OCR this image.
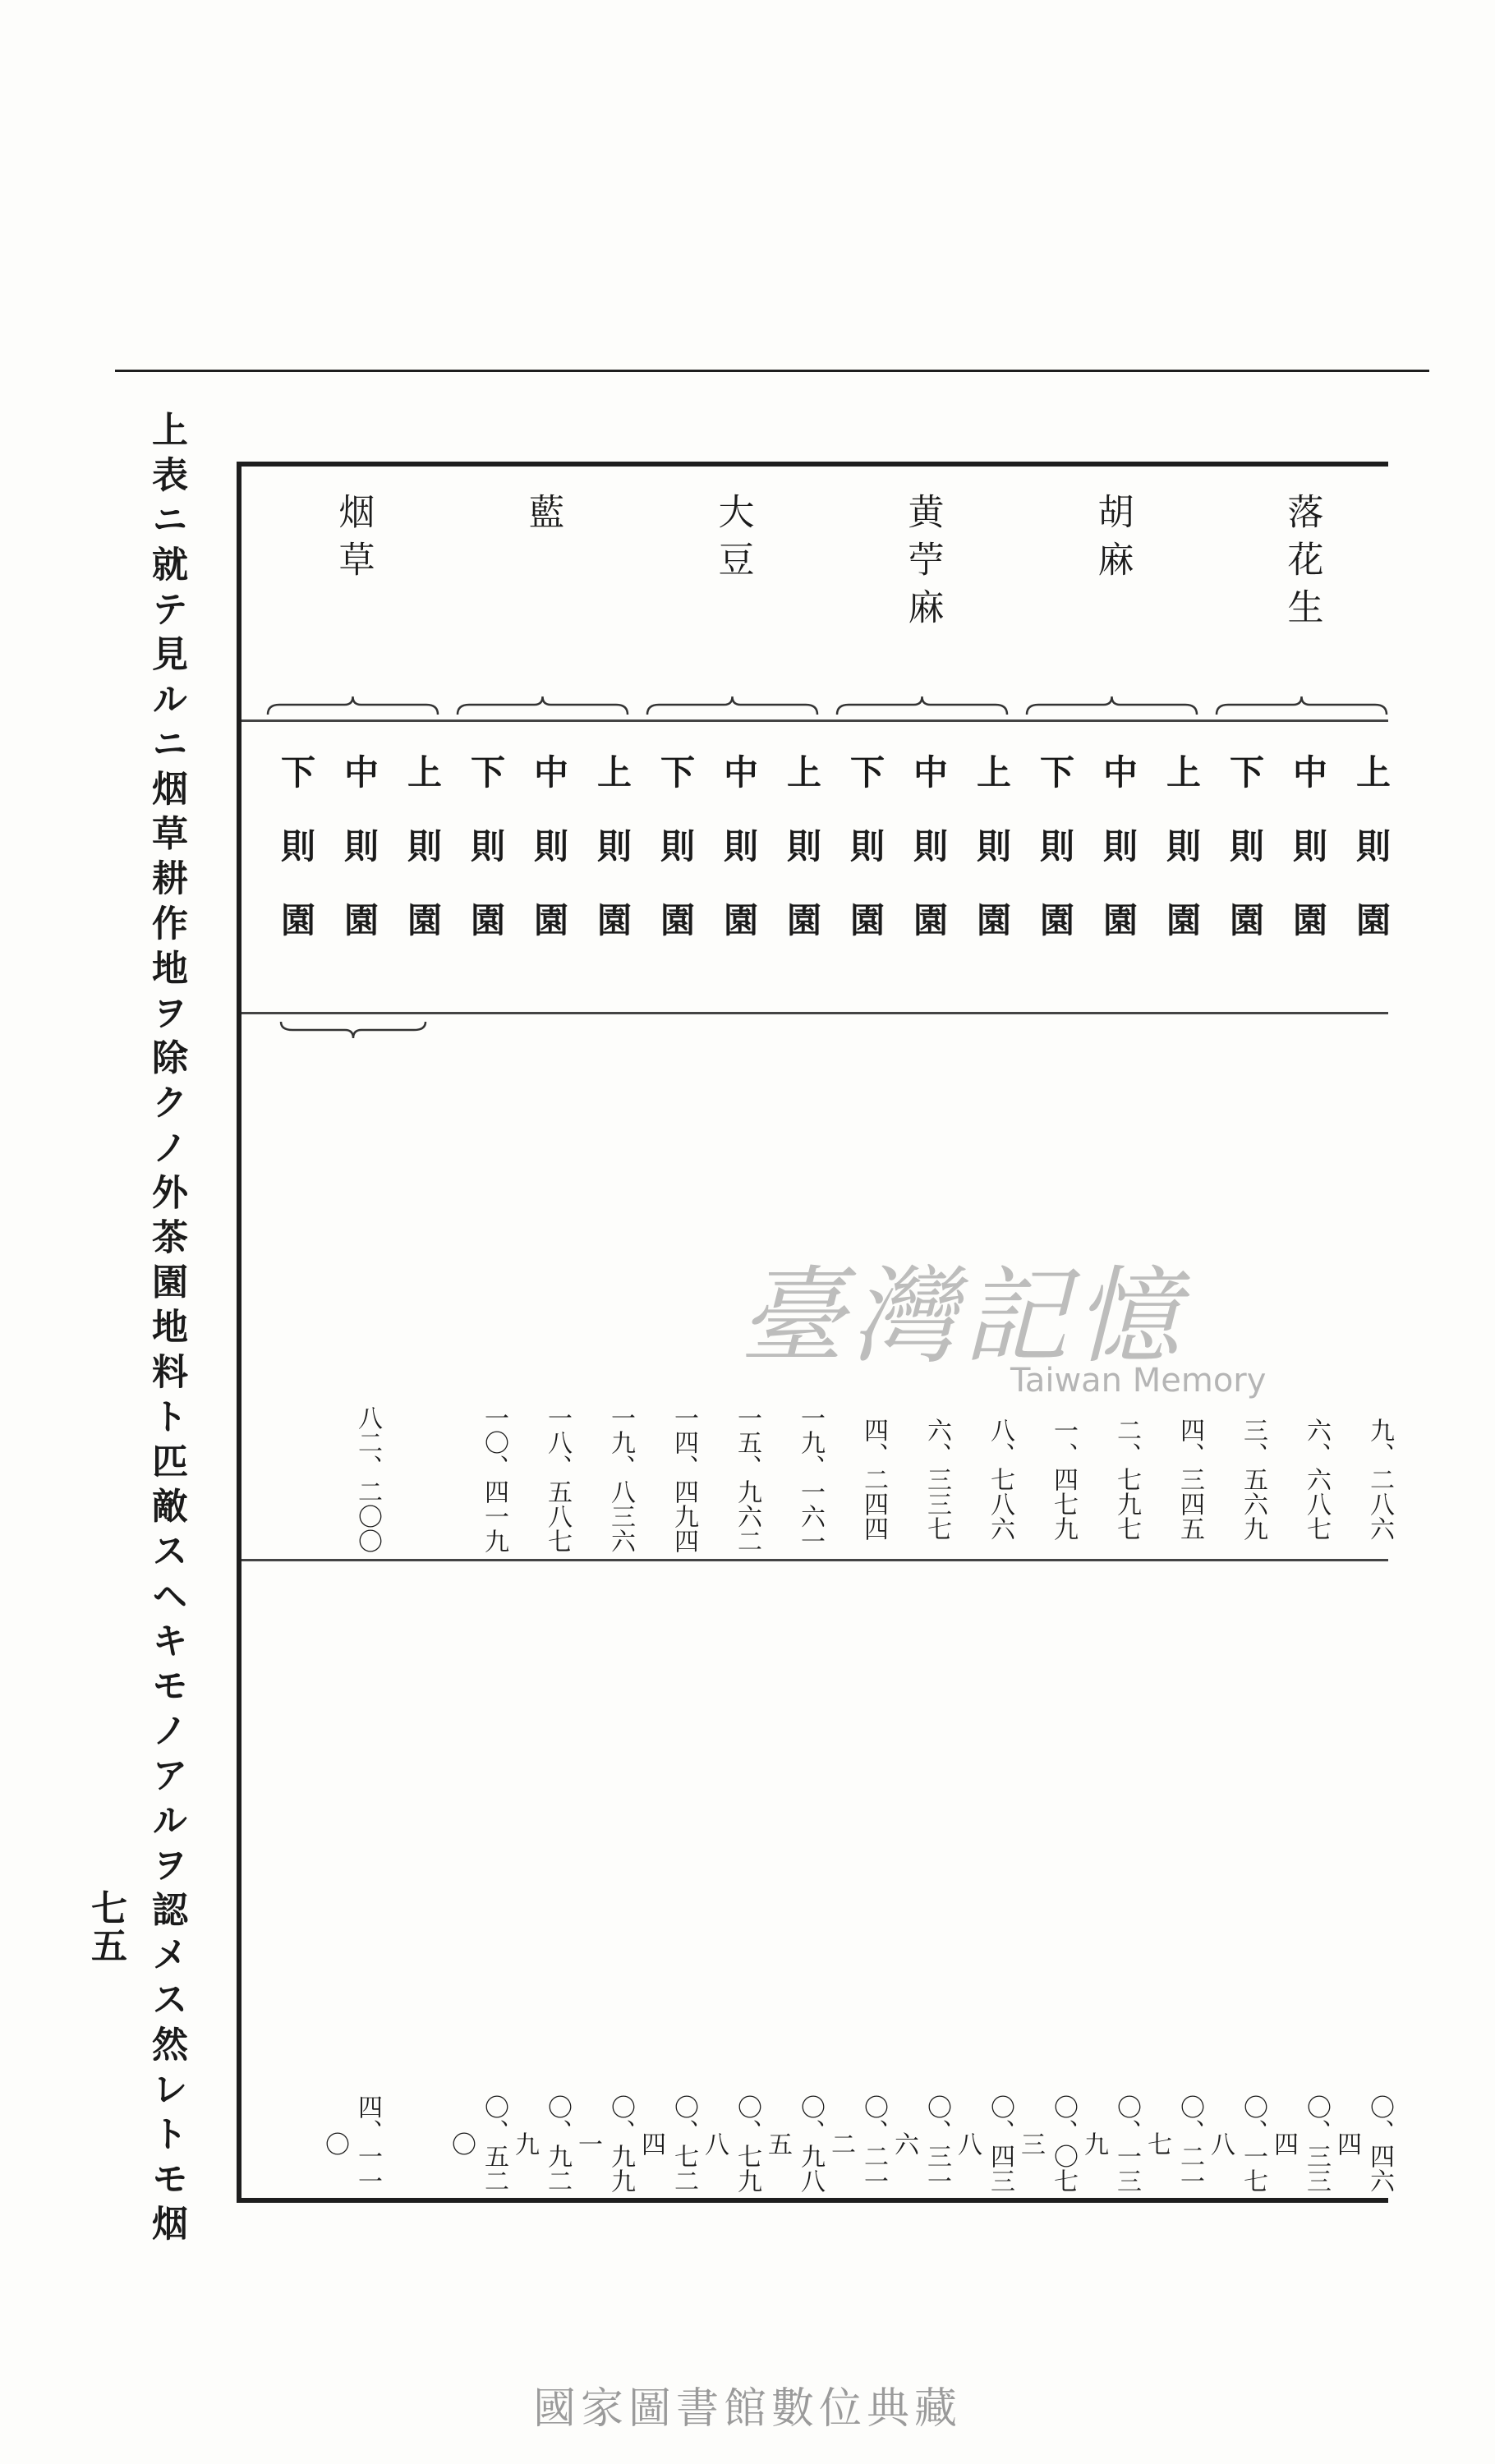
上表ニ就テ見ルニ烟草耕作地ヲ除クノ外茶園地料ト匹敵スヘキモノアルヲ認メス然レトモ烟
七五
落花生
上則園
九、二八六
〇、四六四
中則園
六、六八七
〇、三三四
下則園
三、五六九
〇、一七八
胡麻
上則園
四、三四五
〇、二一七
中則園
二、七九七
〇、一三九
下則園
一、四七九
〇、〇七三
黄苧麻
上則園
八、七八六
〇、四三八
中則園
六、三三七
〇、三一六
下則園
四、二四四
〇、二一二
大豆
上則園
一九、一六一
〇、九八五
中則園
一五、九六二
〇、七九八
下則園
一四、四九四
〇、七二四
藍
上則園
一九、八三六
〇、九九一
中則園
一八、五八七
〇、九二九
下則園
一〇、四一九
〇、五二〇
烟草
上則園
中則園
八二、二〇〇
四、一一〇
下則園
臺灣記憶
Taiwan Memory
國家圖書館數位典藏
